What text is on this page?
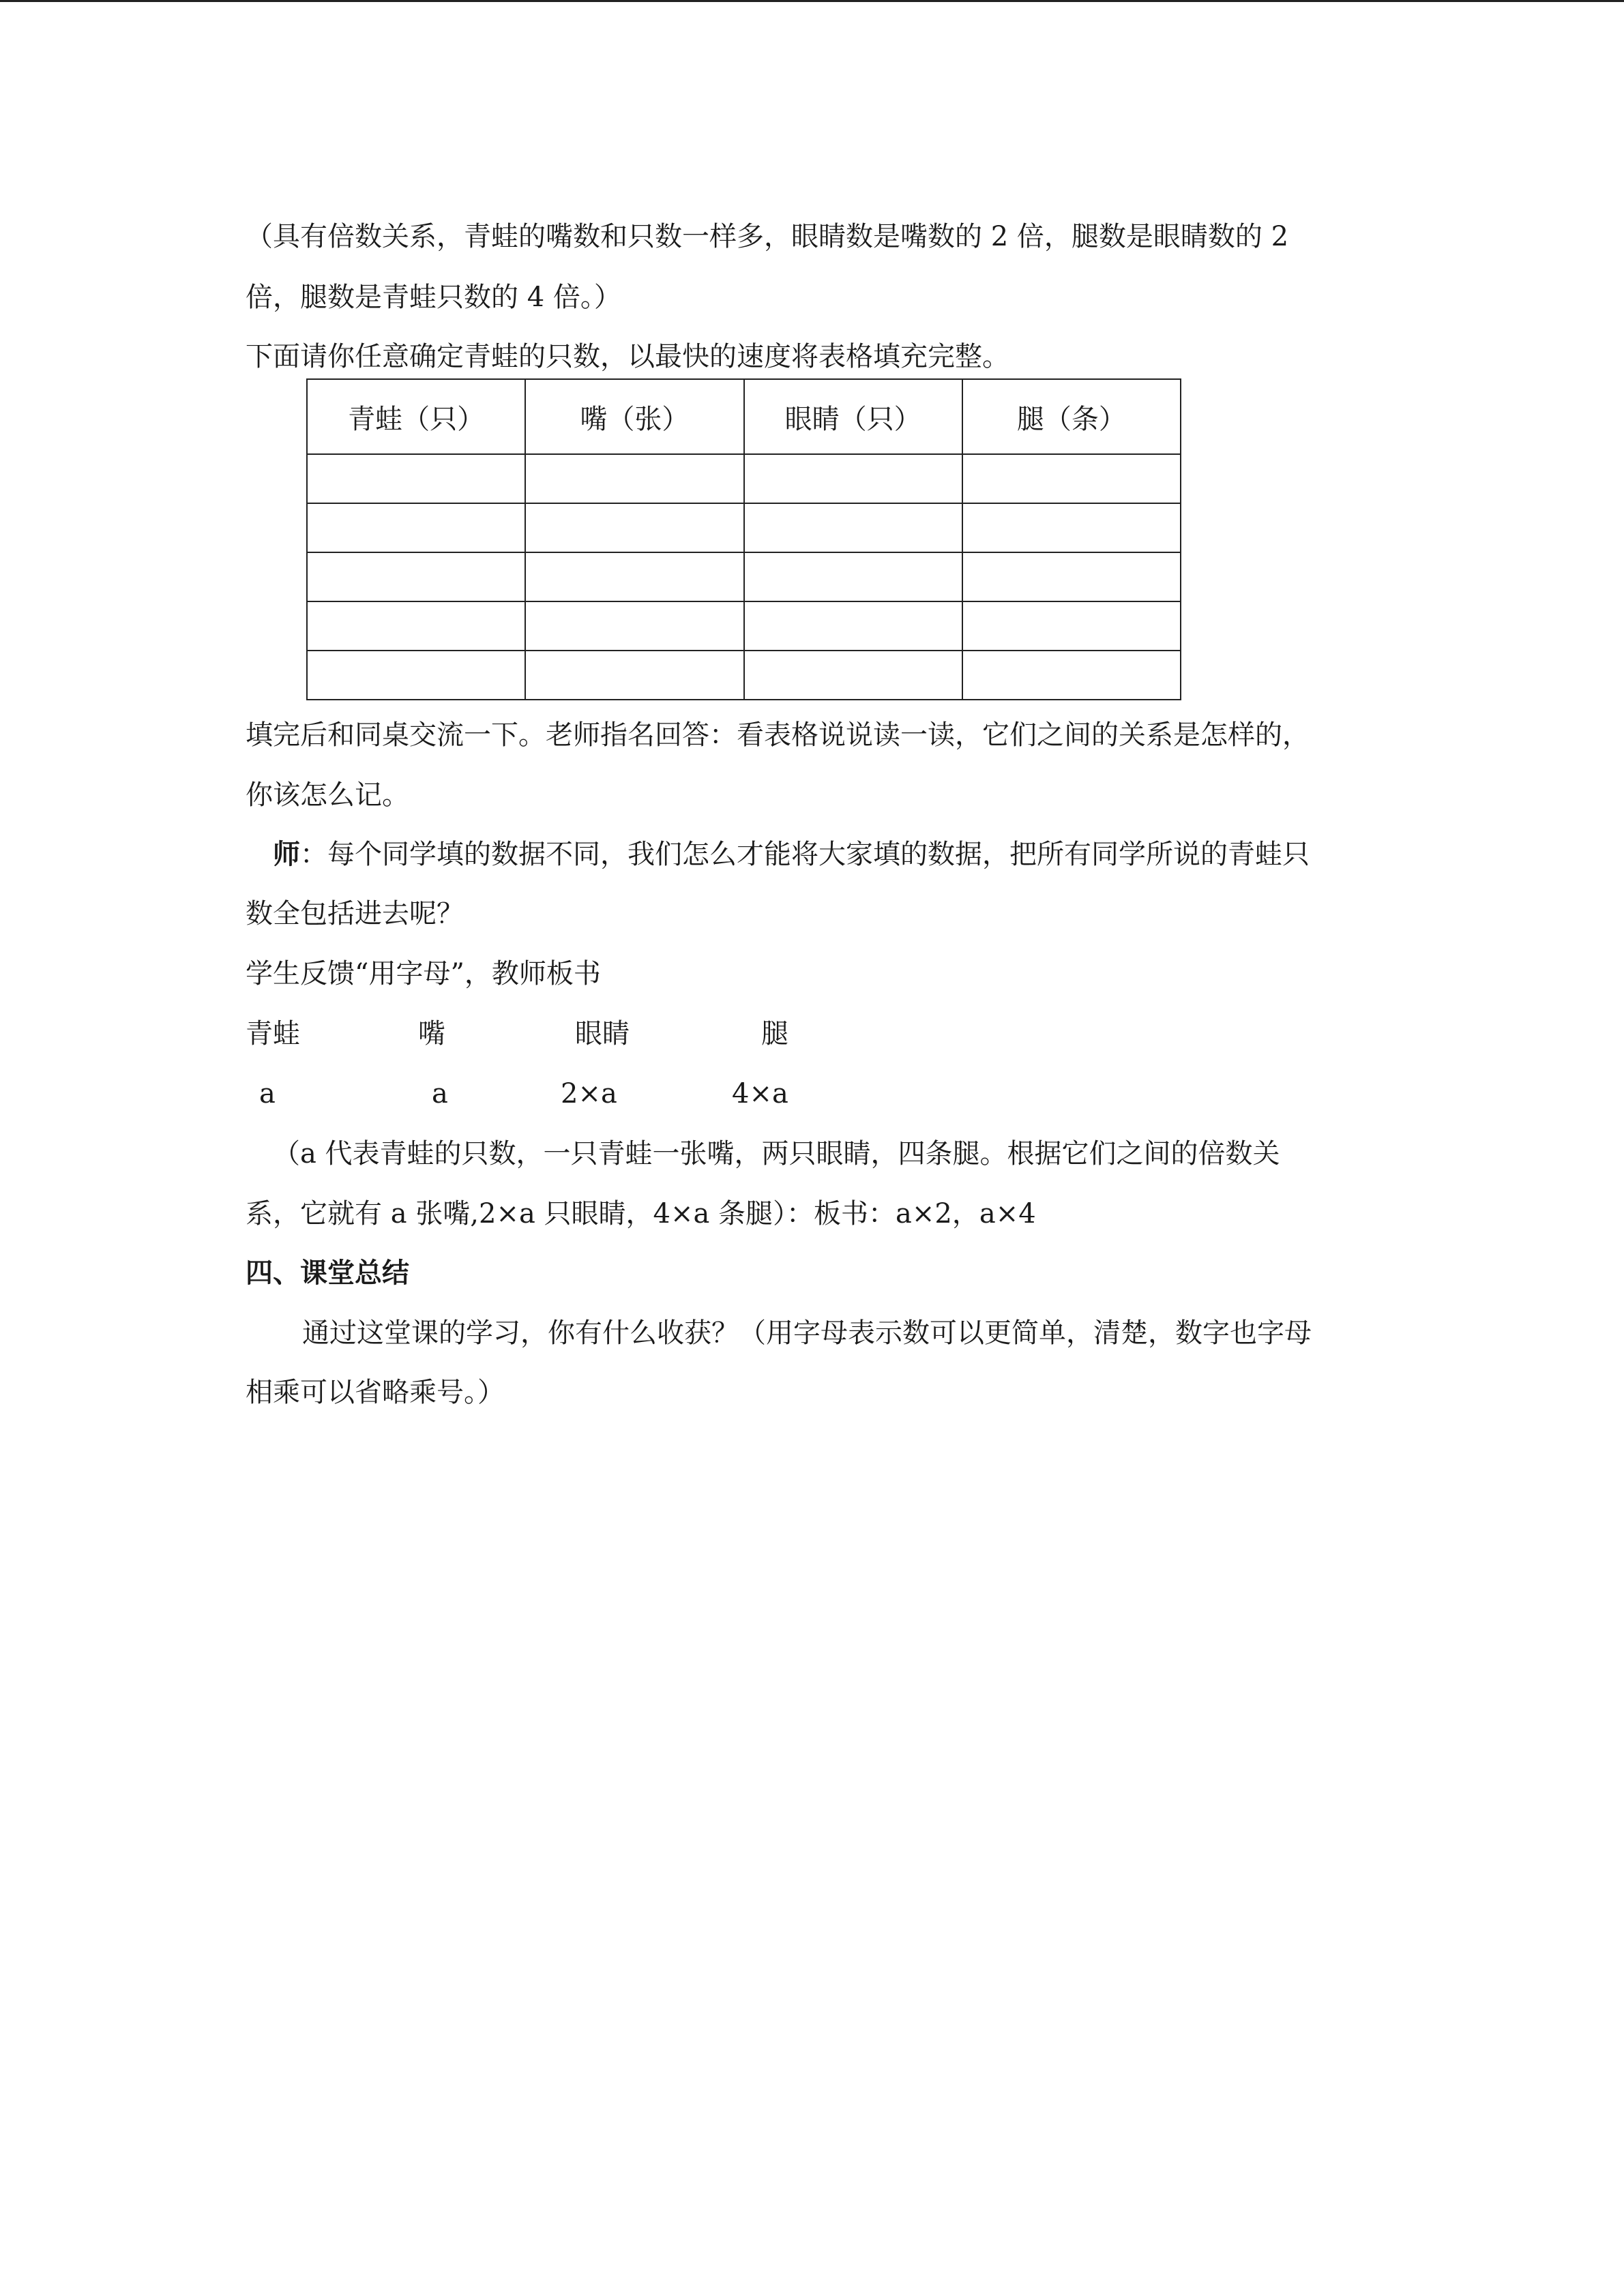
（具有倍数关系，青蛙的嘴数和只数一样多，眼睛数是嘴数的 2 倍，腿数是眼睛数的 2
倍，腿数是青蛙只数的 4 倍。）
下面请你任意确定青蛙的只数，以最快的速度将表格填充完整。
青蛙（只）	嘴（张）	眼睛（只）	腿（条）

填完后和同桌交流一下。老师指名回答：看表格说说读一读，它们之间的关系是怎样的，
你该怎么记。
师：每个同学填的数据不同，我们怎么才能将大家填的数据，把所有同学所说的青蛙只
数全包括进去呢？
学生反馈“用字母”，教师板书
青蛙	嘴	眼睛	腿
a	a	2×a	4×a
（a 代表青蛙的只数，一只青蛙一张嘴，两只眼睛，四条腿。根据它们之间的倍数关
系，它就有 a 张嘴,2×a 只眼睛，4×a 条腿）：板书：a×2，a×4
四、课堂总结
通过这堂课的学习，你有什么收获？（用字母表示数可以更简单，清楚，数字也字母
相乘可以省略乘号。）
